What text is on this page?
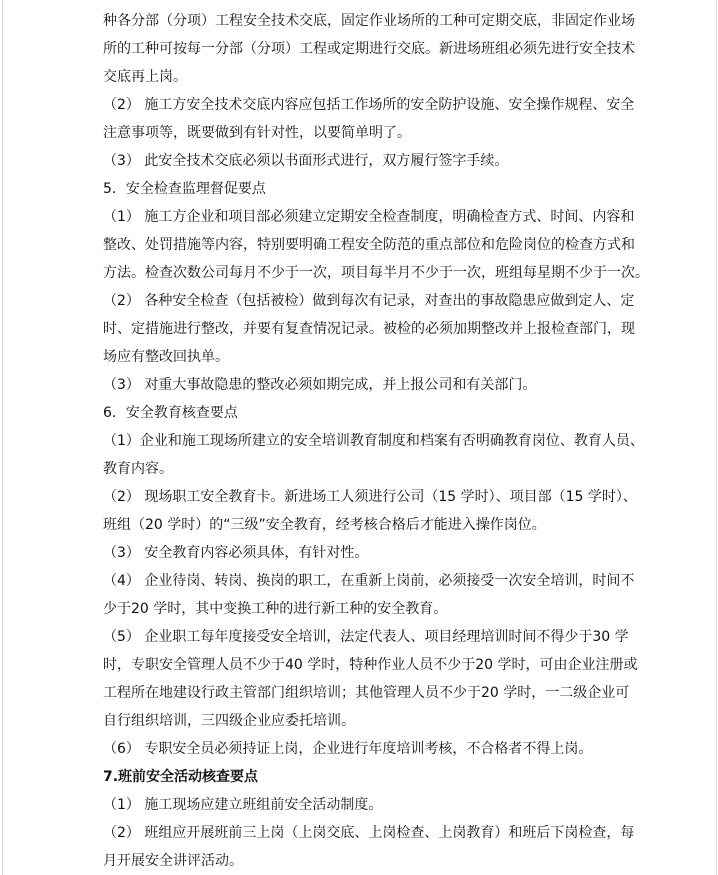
种各分部（分项）工程安全技术交底，固定作业场所的工种可定期交底，非固定作业场
所的工种可按每一分部（分项）工程或定期进行交底。新进场班组必须先进行安全技术
交底再上岗。
（2） 施工方安全技术交底内容应包括工作场所的安全防护设施、安全操作规程、安全
注意事项等，既要做到有针对性，以要简单明了。
（3） 此安全技术交底必须以书面形式进行，双方履行签字手续。
5．安全检查监理督促要点
（1） 施工方企业和项目部必须建立定期安全检查制度，明确检查方式、时间、内容和
整改、处罚措施等内容，特别要明确工程安全防范的重点部位和危险岗位的检查方式和
方法。检查次数公司每月不少于一次，项目每半月不少于一次，班组每星期不少于一次。
（2） 各种安全检查（包括被检）做到每次有记录，对查出的事故隐患应做到定人、定
时、定措施进行整改，并要有复查情况记录。被检的必须加期整改并上报检查部门，现
场应有整改回执单。
（3） 对重大事故隐患的整改必须如期完成，并上报公司和有关部门。
6．安全教育核查要点
（1）企业和施工现场所建立的安全培训教育制度和档案有否明确教育岗位、教育人员、
教育内容。
（2） 现场职工安全教育卡。新进场工人须进行公司（15 学时）、项目部（15 学时）、
班组（20 学时）的“三级”安全教育，经考核合格后才能进入操作岗位。
（3） 安全教育内容必须具体，有针对性。
（4） 企业待岗、转岗、换岗的职工，在重新上岗前，必须接受一次安全培训，时间不
少于20 学时，其中变换工种的进行新工种的安全教育。
（5） 企业职工每年度接受安全培训，法定代表人、项目经理培训时间不得少于30 学
时，专职安全管理人员不少于40 学时，特种作业人员不少于20 学时，可由企业注册或
工程所在地建设行政主管部门组织培训；其他管理人员不少于20 学时，一二级企业可
自行组织培训，三四级企业应委托培训。
（6） 专职安全员必须持证上岗，企业进行年度培训考核，不合格者不得上岗。
7.班前安全活动核查要点
（1） 施工现场应建立班组前安全活动制度。
（2） 班组应开展班前三上岗（上岗交底、上岗检查、上岗教育）和班后下岗检查，每
月开展安全讲评活动。
